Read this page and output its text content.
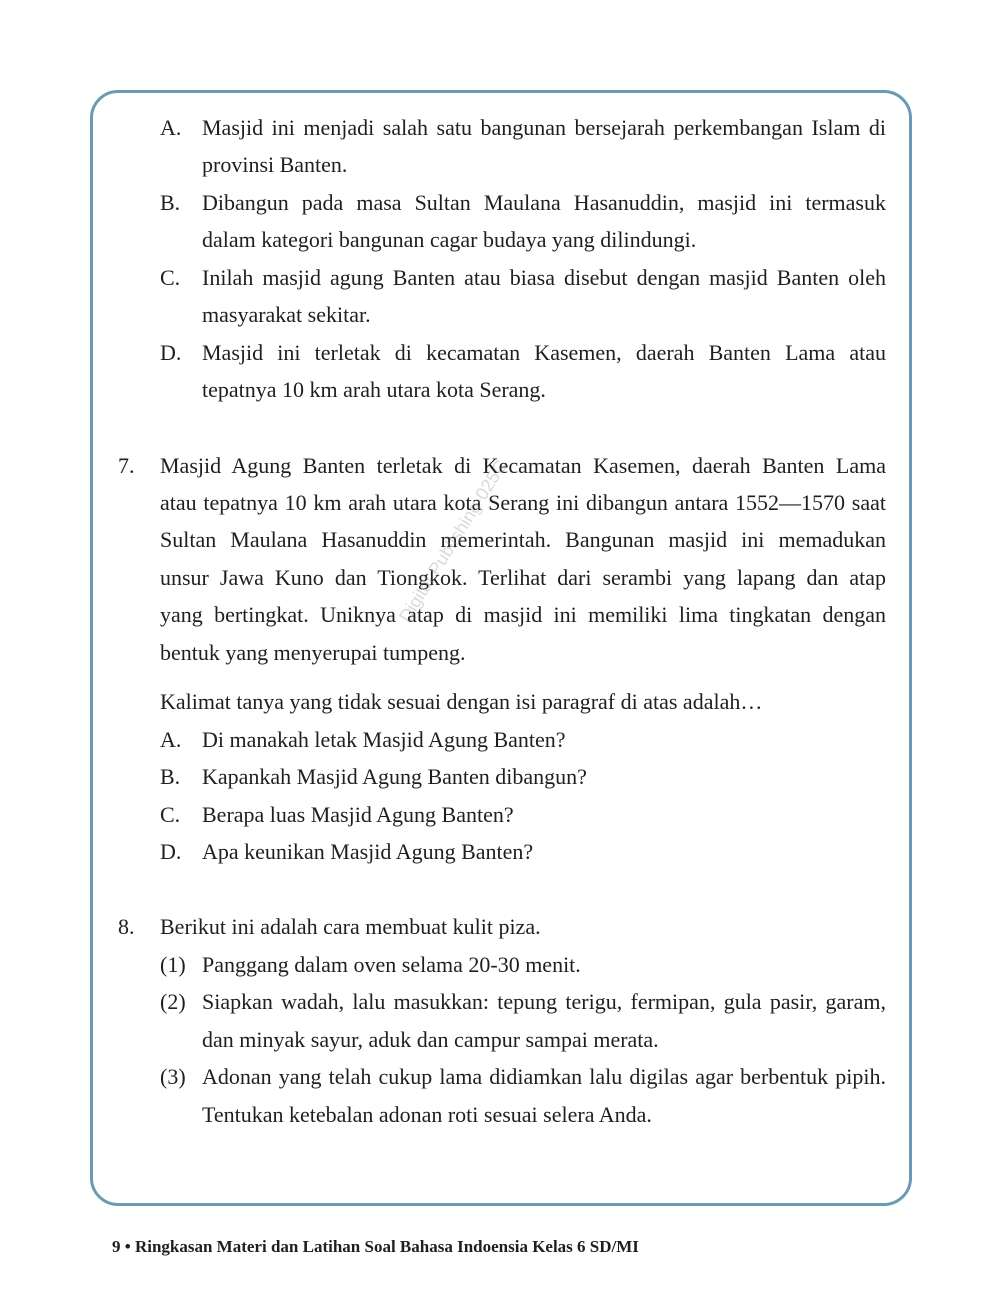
A. Masjid ini menjadi salah satu bangunan bersejarah perkembangan Islam di
provinsi Banten.
B. Dibangun pada masa Sultan Maulana Hasanuddin, masjid ini termasuk
dalam kategori bangunan cagar budaya yang dilindungi.
C. Inilah masjid agung Banten atau biasa disebut dengan masjid Banten oleh
masyarakat sekitar.
D. Masjid ini terletak di kecamatan Kasemen, daerah Banten Lama atau
tepatnya 10 km arah utara kota Serang.
7. Masjid Agung Banten terletak di Kecamatan Kasemen, daerah Banten Lama
atau tepatnya 10 km arah utara kota Serang ini dibangun antara 1552—1570 saat
Sultan Maulana Hasanuddin memerintah. Bangunan masjid ini memadukan
unsur Jawa Kuno dan Tiongkok. Terlihat dari serambi yang lapang dan atap
yang bertingkat. Uniknya atap di masjid ini memiliki lima tingkatan dengan
bentuk yang menyerupai tumpeng.
Kalimat tanya yang tidak sesuai dengan isi paragraf di atas adalah…
A. Di manakah letak Masjid Agung Banten?
B. Kapankah Masjid Agung Banten dibangun?
C. Berapa luas Masjid Agung Banten?
D. Apa keunikan Masjid Agung Banten?
8. Berikut ini adalah cara membuat kulit piza.
(1) Panggang dalam oven selama 20-30 menit.
(2) Siapkan wadah, lalu masukkan: tepung terigu, fermipan, gula pasir, garam,
dan minyak sayur, aduk dan campur sampai merata.
(3) Adonan yang telah cukup lama didiamkan lalu digilas agar berbentuk pipih.
Tentukan ketebalan adonan roti sesuai selera Anda.
Digital Publishing-025C
9 • Ringkasan Materi dan Latihan Soal Bahasa Indoensia Kelas 6 SD/MI
